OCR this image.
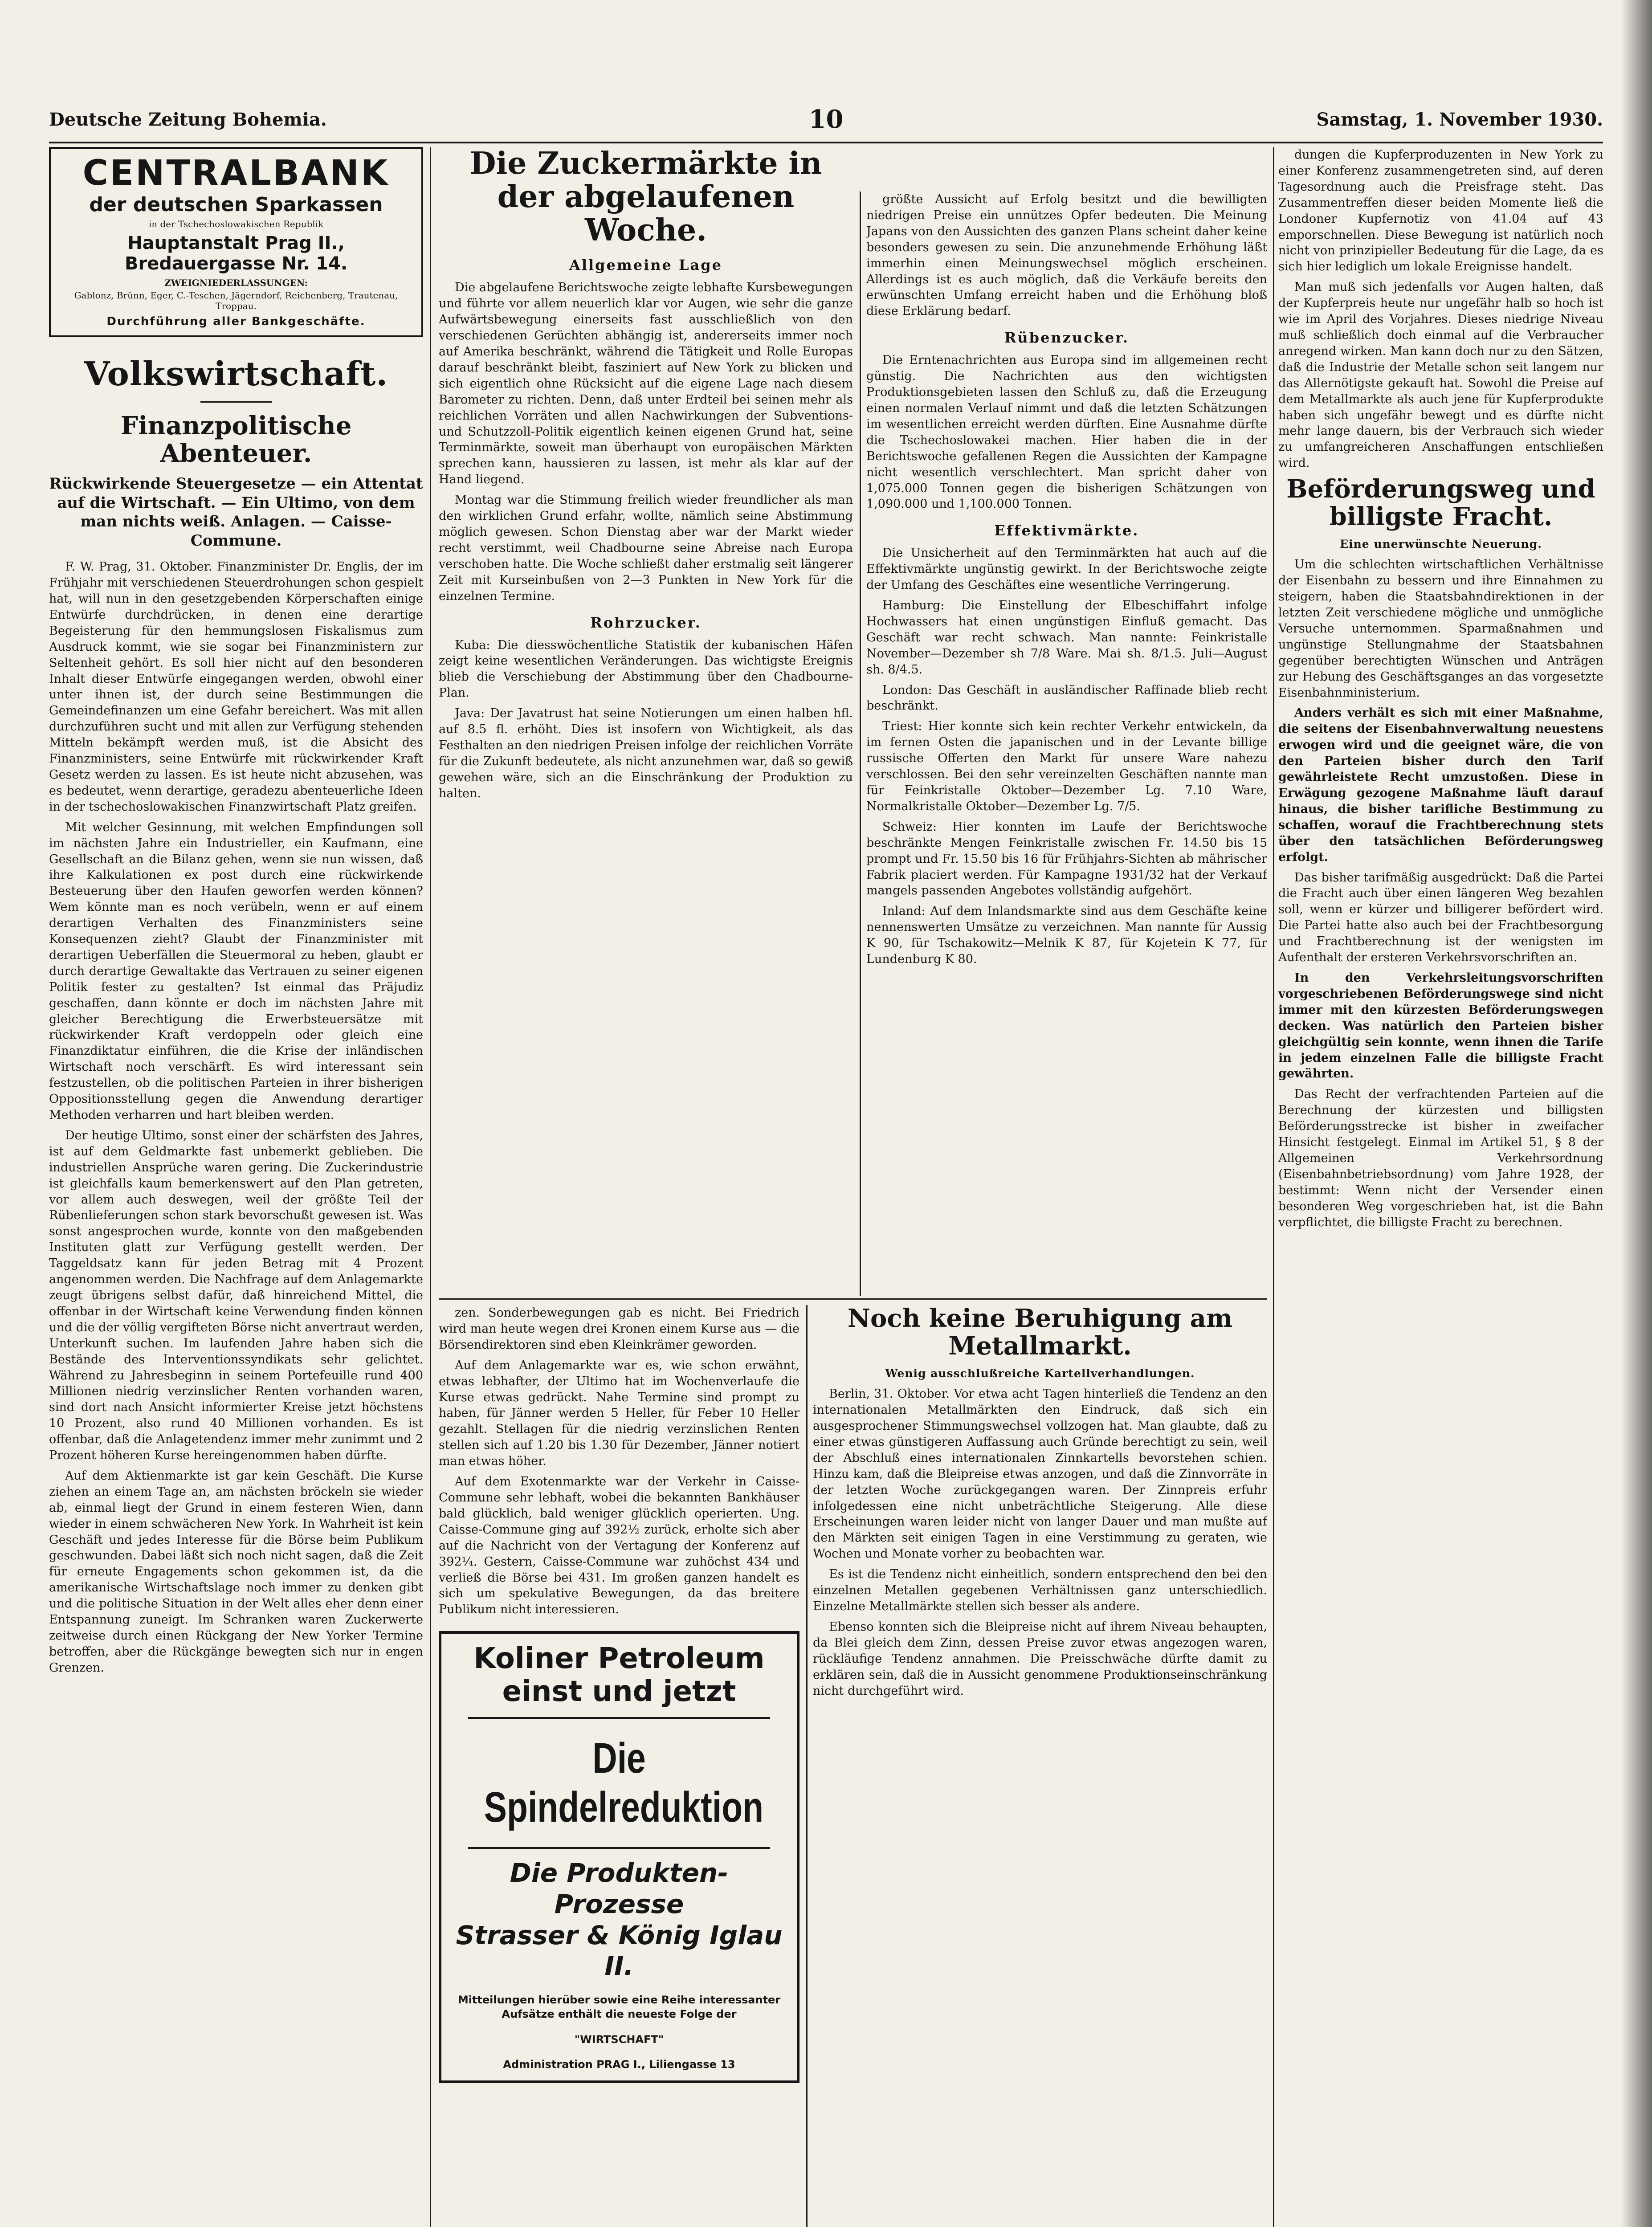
Deutsche Zeitung Bohemia.	10	Samstag, 1. November 1930.
CENTRALBANK
der deutschen Sparkassen
in der Tschechoslowakischen Republik
Hauptanstalt Prag II., Bredauergasse Nr. 14.
ZWEIGNIEDERLASSUNGEN:
Gablonz, Brünn, Eger, C.-Teschen, Jägerndorf, Reichenberg, Trautenau, Troppau.
Durchführung aller Bankgeschäfte.
Volkswirtschaft.
Finanzpolitische Abenteuer.
Rückwirkende Steuergesetze — ein Attentat auf die Wirtschaft. — Ein Ultimo, von dem man nichts weiß. Anlagen. — Caisse-Commune.

F. W. Prag, 31. Oktober. Finanzminister Dr. Englis, der im Frühjahr mit verschiedenen Steuerdrohungen schon gespielt hat, will nun in den gesetzgebenden Körperschaften einige Entwürfe durchdrücken, in denen eine derartige Begeisterung für den hemmungslosen Fiskalismus zum Ausdruck kommt, wie sie sogar bei Finanzministern zur Seltenheit gehört. Es soll hier nicht auf den besonderen Inhalt dieser Entwürfe eingegangen werden, obwohl einer unter ihnen ist, der durch seine Bestimmungen die Gemeindefinanzen um eine Gefahr bereichert. Was mit allen durchzuführen sucht und mit allen zur Verfügung stehenden Mitteln bekämpft werden muß, ist die Absicht des Finanzministers, seine Entwürfe mit rückwirkender Kraft Gesetz werden zu lassen. Es ist heute nicht abzusehen, was es bedeutet, wenn derartige, geradezu abenteuerliche Ideen in der tschechoslowakischen Finanzwirtschaft Platz greifen.

Mit welcher Gesinnung, mit welchen Empfindungen soll im nächsten Jahre ein Industrieller, ein Kaufmann, eine Gesellschaft an die Bilanz gehen, wenn sie nun wissen, daß ihre Kalkulationen ex post durch eine rückwirkende Besteuerung über den Haufen geworfen werden können? Wem könnte man es noch verübeln, wenn er auf einem derartigen Verhalten des Finanzministers seine Konsequenzen zieht? Glaubt der Finanzminister mit derartigen Ueberfällen die Steuermoral zu heben, glaubt er durch derartige Gewaltakte das Vertrauen zu seiner eigenen Politik fester zu gestalten? Ist einmal das Präjudiz geschaffen, dann könnte er doch im nächsten Jahre mit gleicher Berechtigung die Erwerbsteuersätze mit rückwirkender Kraft verdoppeln oder gleich eine Finanzdiktatur einführen, die die Krise der inländischen Wirtschaft noch verschärft. Es wird interessant sein festzustellen, ob die politischen Parteien in ihrer bisherigen Oppositionsstellung gegen die Anwendung derartiger Methoden verharren und hart bleiben werden.

Der heutige Ultimo, sonst einer der schärfsten des Jahres, ist auf dem Geldmarkte fast unbemerkt geblieben. Die industriellen Ansprüche waren gering. Die Zuckerindustrie ist gleichfalls kaum bemerkenswert auf den Plan getreten, vor allem auch deswegen, weil der größte Teil der Rübenlieferungen schon stark bevorschußt gewesen ist. Was sonst angesprochen wurde, konnte von den maßgebenden Instituten glatt zur Verfügung gestellt werden. Der Taggeldsatz kann für jeden Betrag mit 4 Prozent angenommen werden. Die Nachfrage auf dem Anlagemarkte zeugt übrigens selbst dafür, daß hinreichend Mittel, die offenbar in der Wirtschaft keine Verwendung finden können und die der völlig vergifteten Börse nicht anvertraut werden, Unterkunft suchen. Im laufenden Jahre haben sich die Bestände des Interventionssyndikats sehr gelichtet. Während zu Jahresbeginn in seinem Portefeuille rund 400 Millionen niedrig verzinslicher Renten vorhanden waren, sind dort nach Ansicht informierter Kreise jetzt höchstens 10 Prozent, also rund 40 Millionen vorhanden. Es ist offenbar, daß die Anlagetendenz immer mehr zunimmt und 2 Prozent höheren Kurse hereingenommen haben dürfte.

Auf dem Aktienmarkte ist gar kein Geschäft. Die Kurse ziehen an einem Tage an, am nächsten bröckeln sie wieder ab, einmal liegt der Grund in einem festeren Wien, dann wieder in einem schwächeren New York. In Wahrheit ist kein Geschäft und jedes Interesse für die Börse beim Publikum geschwunden. Dabei läßt sich noch nicht sagen, daß die Zeit für erneute Engagements schon gekommen ist, da die amerikanische Wirtschaftslage noch immer zu denken gibt und die politische Situation in der Welt alles eher denn einer Entspannung zuneigt. Im Schranken waren Zuckerwerte zeitweise durch einen Rückgang der New Yorker Termine betroffen, aber die Rückgänge bewegten sich nur in engen Grenzen.

Die Zuckermärkte in der abgelaufenen Woche.
Allgemeine Lage

Die abgelaufene Berichtswoche zeigte lebhafte Kursbewegungen und führte vor allem neuerlich klar vor Augen, wie sehr die ganze Aufwärtsbewegung einerseits fast ausschließlich von den verschiedenen Gerüchten abhängig ist, andererseits immer noch auf Amerika beschränkt, während die Tätigkeit und Rolle Europas darauf beschränkt bleibt, fasziniert auf New York zu blicken und sich eigentlich ohne Rücksicht auf die eigene Lage nach diesem Barometer zu richten. Denn, daß unter Erdteil bei seinen mehr als reichlichen Vorräten und allen Nachwirkungen der Subventions- und Schutzzoll-Politik eigentlich keinen eigenen Grund hat, seine Terminmärkte, soweit man überhaupt von europäischen Märkten sprechen kann, haussieren zu lassen, ist mehr als klar auf der Hand liegend.

Montag war die Stimmung freilich wieder freundlicher als man den wirklichen Grund erfahr, wollte, nämlich seine Abstimmung möglich gewesen. Schon Dienstag aber war der Markt wieder recht verstimmt, weil Chadbourne seine Abreise nach Europa verschoben hatte. Die Woche schließt daher erstmalig seit längerer Zeit mit Kurseinbußen von 2—3 Punkten in New York für die einzelnen Termine.

Rohrzucker.

Kuba: Die diesswöchentliche Statistik der kubanischen Häfen zeigt keine wesentlichen Veränderungen. Das wichtigste Ereignis blieb die Verschiebung der Abstimmung über den Chadbourne-Plan.

Java: Der Javatrust hat seine Notierungen um einen halben hfl. auf 8.5 fl. erhöht. Dies ist insofern von Wichtigkeit, als das Festhalten an den niedrigen Preisen infolge der reichlichen Vorräte für die Zukunft bedeutete, als nicht anzunehmen war, daß so gewiß gewehen wäre, sich an die Einschränkung der Produktion zu halten.

größte Aussicht auf Erfolg besitzt und die bewilligten niedrigen Preise ein unnützes Opfer bedeuten. Die Meinung Japans von den Aussichten des ganzen Plans scheint daher keine besonders gewesen zu sein. Die anzunehmende Erhöhung läßt immerhin einen Meinungswechsel möglich erscheinen. Allerdings ist es auch möglich, daß die Verkäufe bereits den erwünschten Umfang erreicht haben und die Erhöhung bloß diese Erklärung bedarf.

Rübenzucker.

Die Erntenachrichten aus Europa sind im allgemeinen recht günstig. Die Nachrichten aus den wichtigsten Produktionsgebieten lassen den Schluß zu, daß die Erzeugung einen normalen Verlauf nimmt und daß die letzten Schätzungen im wesentlichen erreicht werden dürften. Eine Ausnahme dürfte die Tschechoslowakei machen. Hier haben die in der Berichtswoche gefallenen Regen die Aussichten der Kampagne nicht wesentlich verschlechtert. Man spricht daher von 1,075.000 Tonnen gegen die bisherigen Schätzungen von 1,090.000 und 1,100.000 Tonnen.

Effektivmärkte.

Die Unsicherheit auf den Terminmärkten hat auch auf die Effektivmärkte ungünstig gewirkt. In der Berichtswoche zeigte der Umfang des Geschäftes eine wesentliche Verringerung.

Hamburg: Die Einstellung der Elbeschiffahrt infolge Hochwassers hat einen ungünstigen Einfluß gemacht. Das Geschäft war recht schwach. Man nannte: Feinkristalle November—Dezember sh 7/8 Ware. Mai sh. 8/1.5. Juli—August sh. 8/4.5.

London: Das Geschäft in ausländischer Raffinade blieb recht beschränkt.

Triest: Hier konnte sich kein rechter Verkehr entwickeln, da im fernen Osten die japanischen und in der Levante billige russische Offerten den Markt für unsere Ware nahezu verschlossen. Bei den sehr vereinzelten Geschäften nannte man für Feinkristalle Oktober—Dezember Lg. 7.10 Ware, Normalkristalle Oktober—Dezember Lg. 7/5.

Schweiz: Hier konnten im Laufe der Berichtswoche beschränkte Mengen Feinkristalle zwischen Fr. 14.50 bis 15 prompt und Fr. 15.50 bis 16 für Frühjahrs-Sichten ab mährischer Fabrik placiert werden. Für Kampagne 1931/32 hat der Verkauf mangels passenden Angebotes vollständig aufgehört.

Inland: Auf dem Inlandsmarkte sind aus dem Geschäfte keine nennenswerten Umsätze zu verzeichnen. Man nannte für Aussig K 90, für Tschakowitz—Melnik K 87, für Kojetein K 77, für Lundenburg K 80.

zen. Sonderbewegungen gab es nicht. Bei Friedrich wird man heute wegen drei Kronen einem Kurse aus — die Börsendirektoren sind eben Kleinkrämer geworden.

Auf dem Anlagemarkte war es, wie schon erwähnt, etwas lebhafter, der Ultimo hat im Wochenverlaufe die Kurse etwas gedrückt. Nahe Termine sind prompt zu haben, für Jänner werden 5 Heller, für Feber 10 Heller gezahlt. Stellagen für die niedrig verzinslichen Renten stellen sich auf 1.20 bis 1.30 für Dezember, Jänner notiert man etwas höher.

Auf dem Exotenmarkte war der Verkehr in Caisse-Commune sehr lebhaft, wobei die bekannten Bankhäuser bald glücklich, bald weniger glücklich operierten. Ung. Caisse-Commune ging auf 392½ zurück, erholte sich aber auf die Nachricht von der Vertagung der Konferenz auf 392¼. Gestern, Caisse-Commune war zuhöchst 434 und verließ die Börse bei 431. Im großen ganzen handelt es sich um spekulative Bewegungen, da das breitere Publikum nicht interessieren.

Koliner Petroleum
einst und jetzt
Die Spindelreduktion
Die Produkten-Prozesse
Strasser & König Iglau II.
Mitteilungen hierüber sowie eine Reihe interessanter Aufsätze enthält die neueste Folge der
"WIRTSCHAFT"
Administration PRAG I., Liliengasse 13
Noch keine Beruhigung am Metallmarkt.
Wenig ausschlußreiche Kartellverhandlungen.

Berlin, 31. Oktober. Vor etwa acht Tagen hinterließ die Tendenz an den internationalen Metallmärkten den Eindruck, daß sich ein ausgesprochener Stimmungswechsel vollzogen hat. Man glaubte, daß zu einer etwas günstigeren Auffassung auch Gründe berechtigt zu sein, weil der Abschluß eines internationalen Zinnkartells bevorstehen schien. Hinzu kam, daß die Bleipreise etwas anzogen, und daß die Zinnvorräte in der letzten Woche zurückgegangen waren. Der Zinnpreis erfuhr infolgedessen eine nicht unbeträchtliche Steigerung. Alle diese Erscheinungen waren leider nicht von langer Dauer und man mußte auf den Märkten seit einigen Tagen in eine Verstimmung zu geraten, wie Wochen und Monate vorher zu beobachten war.

Es ist die Tendenz nicht einheitlich, sondern entsprechend den bei den einzelnen Metallen gegebenen Verhältnissen ganz unterschiedlich. Einzelne Metallmärkte stellen sich besser als andere.

Ebenso konnten sich die Bleipreise nicht auf ihrem Niveau behaupten, da Blei gleich dem Zinn, dessen Preise zuvor etwas angezogen waren, rückläufige Tendenz annahmen. Die Preisschwäche dürfte damit zu erklären sein, daß die in Aussicht genommene Produktionseinschränkung nicht durchgeführt wird.

dungen die Kupferproduzenten in New York zu einer Konferenz zusammengetreten sind, auf deren Tagesordnung auch die Preisfrage steht. Das Zusammentreffen dieser beiden Momente ließ die Londoner Kupfernotiz von 41.04 auf 43 emporschnellen. Diese Bewegung ist natürlich noch nicht von prinzipieller Bedeutung für die Lage, da es sich hier lediglich um lokale Ereignisse handelt.

Man muß sich jedenfalls vor Augen halten, daß der Kupferpreis heute nur ungefähr halb so hoch ist wie im April des Vorjahres. Dieses niedrige Niveau muß schließlich doch einmal auf die Verbraucher anregend wirken. Man kann doch nur zu den Sätzen, daß die Industrie der Metalle schon seit langem nur das Allernötigste gekauft hat. Sowohl die Preise auf dem Metallmarkte als auch jene für Kupferprodukte haben sich ungefähr bewegt und es dürfte nicht mehr lange dauern, bis der Verbrauch sich wieder zu umfangreicheren Anschaffungen entschließen wird.

Beförderungsweg und billigste Fracht.
Eine unerwünschte Neuerung.

Um die schlechten wirtschaftlichen Verhältnisse der Eisenbahn zu bessern und ihre Einnahmen zu steigern, haben die Staatsbahndirektionen in der letzten Zeit verschiedene mögliche und unmögliche Versuche unternommen. Sparmaßnahmen und ungünstige Stellungnahme der Staatsbahnen gegenüber berechtigten Wünschen und Anträgen zur Hebung des Geschäftsganges an das vorgesetzte Eisenbahnministerium.

Anders verhält es sich mit einer Maßnahme, die seitens der Eisenbahnverwaltung neuestens erwogen wird und die geeignet wäre, die von den Parteien bisher durch den Tarif gewährleistete Recht umzustoßen. Diese in Erwägung gezogene Maßnahme läuft darauf hinaus, die bisher tarifliche Bestimmung zu schaffen, worauf die Frachtberechnung stets über den tatsächlichen Beförderungsweg erfolgt.

Das bisher tarifmäßig ausgedrückt: Daß die Partei die Fracht auch über einen längeren Weg bezahlen soll, wenn er kürzer und billigerer befördert wird. Die Partei hatte also auch bei der Frachtbesorgung und Frachtberechnung ist der wenigsten im Aufenthalt der ersteren Verkehrsvorschriften an.

In den Verkehrsleitungsvorschriften vorgeschriebenen Beförderungswege sind nicht immer mit den kürzesten Beförderungswegen decken. Was natürlich den Parteien bisher gleichgültig sein konnte, wenn ihnen die Tarife in jedem einzelnen Falle die billigste Fracht gewährten.

Das Recht der verfrachtenden Parteien auf die Berechnung der kürzesten und billigsten Beförderungsstrecke ist bisher in zweifacher Hinsicht festgelegt. Einmal im Artikel 51, § 8 der Allgemeinen Verkehrsordnung (Eisenbahnbetriebsordnung) vom Jahre 1928, der bestimmt: Wenn nicht der Versender einen besonderen Weg vorgeschrieben hat, ist die Bahn verpflichtet, die billigste Fracht zu berechnen.
